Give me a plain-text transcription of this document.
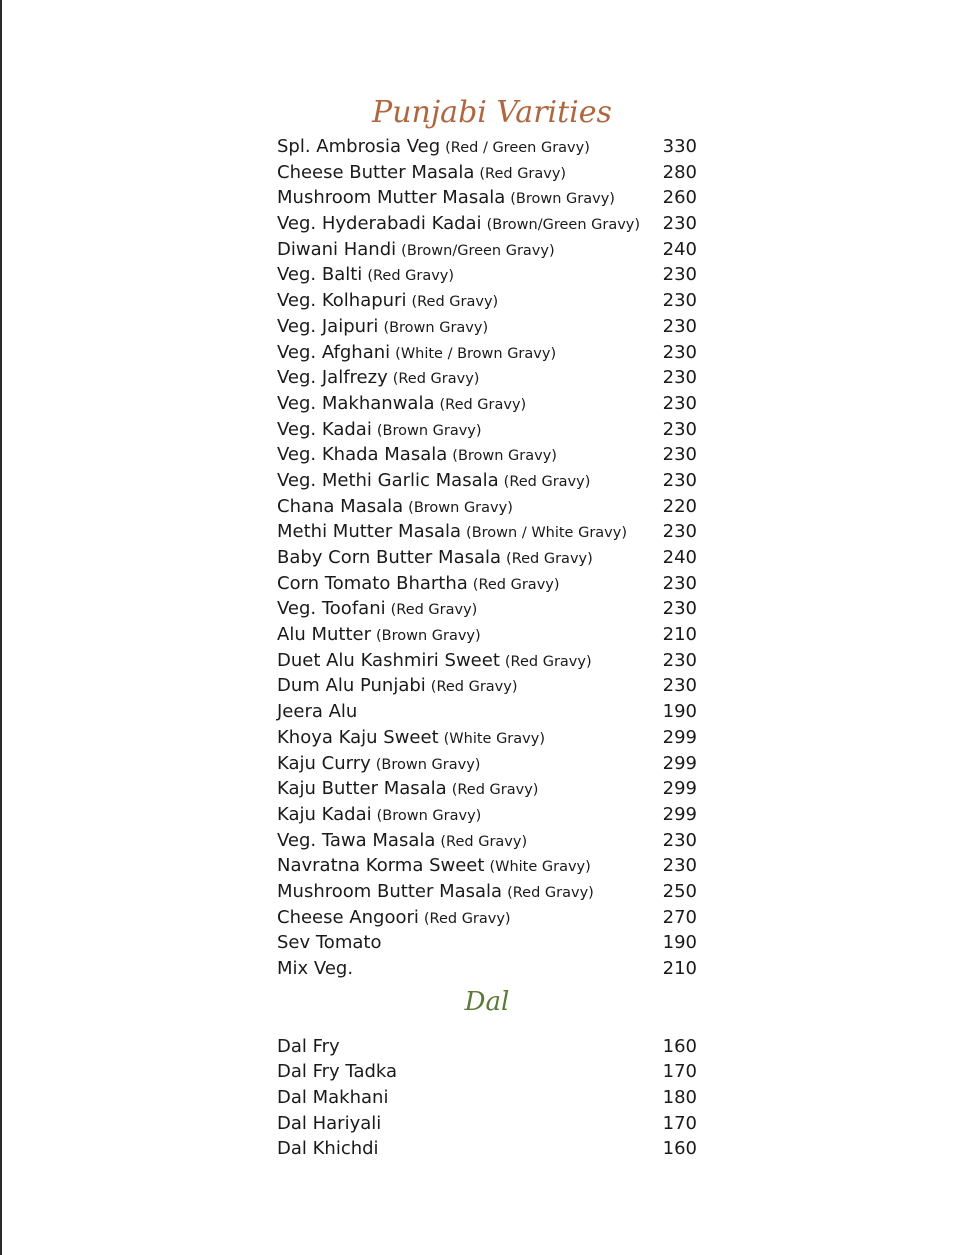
Punjabi Varities
Spl. Ambrosia Veg (Red / Green Gravy)	330
Cheese Butter Masala (Red Gravy)	280
Mushroom Mutter Masala (Brown Gravy)	260
Veg. Hyderabadi Kadai (Brown/Green Gravy) 230
Diwani Handi (Brown/Green Gravy)	240
Veg. Balti (Red Gravy)	230
Veg. Kolhapuri (Red Gravy)	230
Veg. Jaipuri (Brown Gravy)	230
Veg. Afghani (White / Brown Gravy)	230
Veg. Jalfrezy (Red Gravy)	230
Veg. Makhanwala (Red Gravy)	230
Veg. Kadai (Brown Gravy)	230
Veg. Khada Masala (Brown Gravy)	230
Veg. Methi Garlic Masala (Red Gravy)	230
Chana Masala (Brown Gravy)	220
Methi Mutter Masala (Brown / White Gravy) 230
Baby Corn Butter Masala (Red Gravy)	240
Corn Tomato Bhartha (Red Gravy)	230
Veg. Toofani (Red Gravy)	230
Alu Mutter (Brown Gravy)	210
Duet Alu Kashmiri Sweet (Red Gravy)	230
Dum Alu Punjabi (Red Gravy)	230
Jeera Alu	190
Khoya Kaju Sweet (White Gravy)	299
Kaju Curry (Brown Gravy)	299
Kaju Butter Masala (Red Gravy)	299
Kaju Kadai (Brown Gravy)	299
Veg. Tawa Masala (Red Gravy)	230
Navratna Korma Sweet (White Gravy)	230
Mushroom Butter Masala (Red Gravy)	250
Cheese Angoori (Red Gravy)	270
Sev Tomato	190
Mix Veg.	210
Dal
Dal Fry	160
Dal Fry Tadka	170
Dal Makhani	180
Dal Hariyali	170
Dal Khichdi	160
